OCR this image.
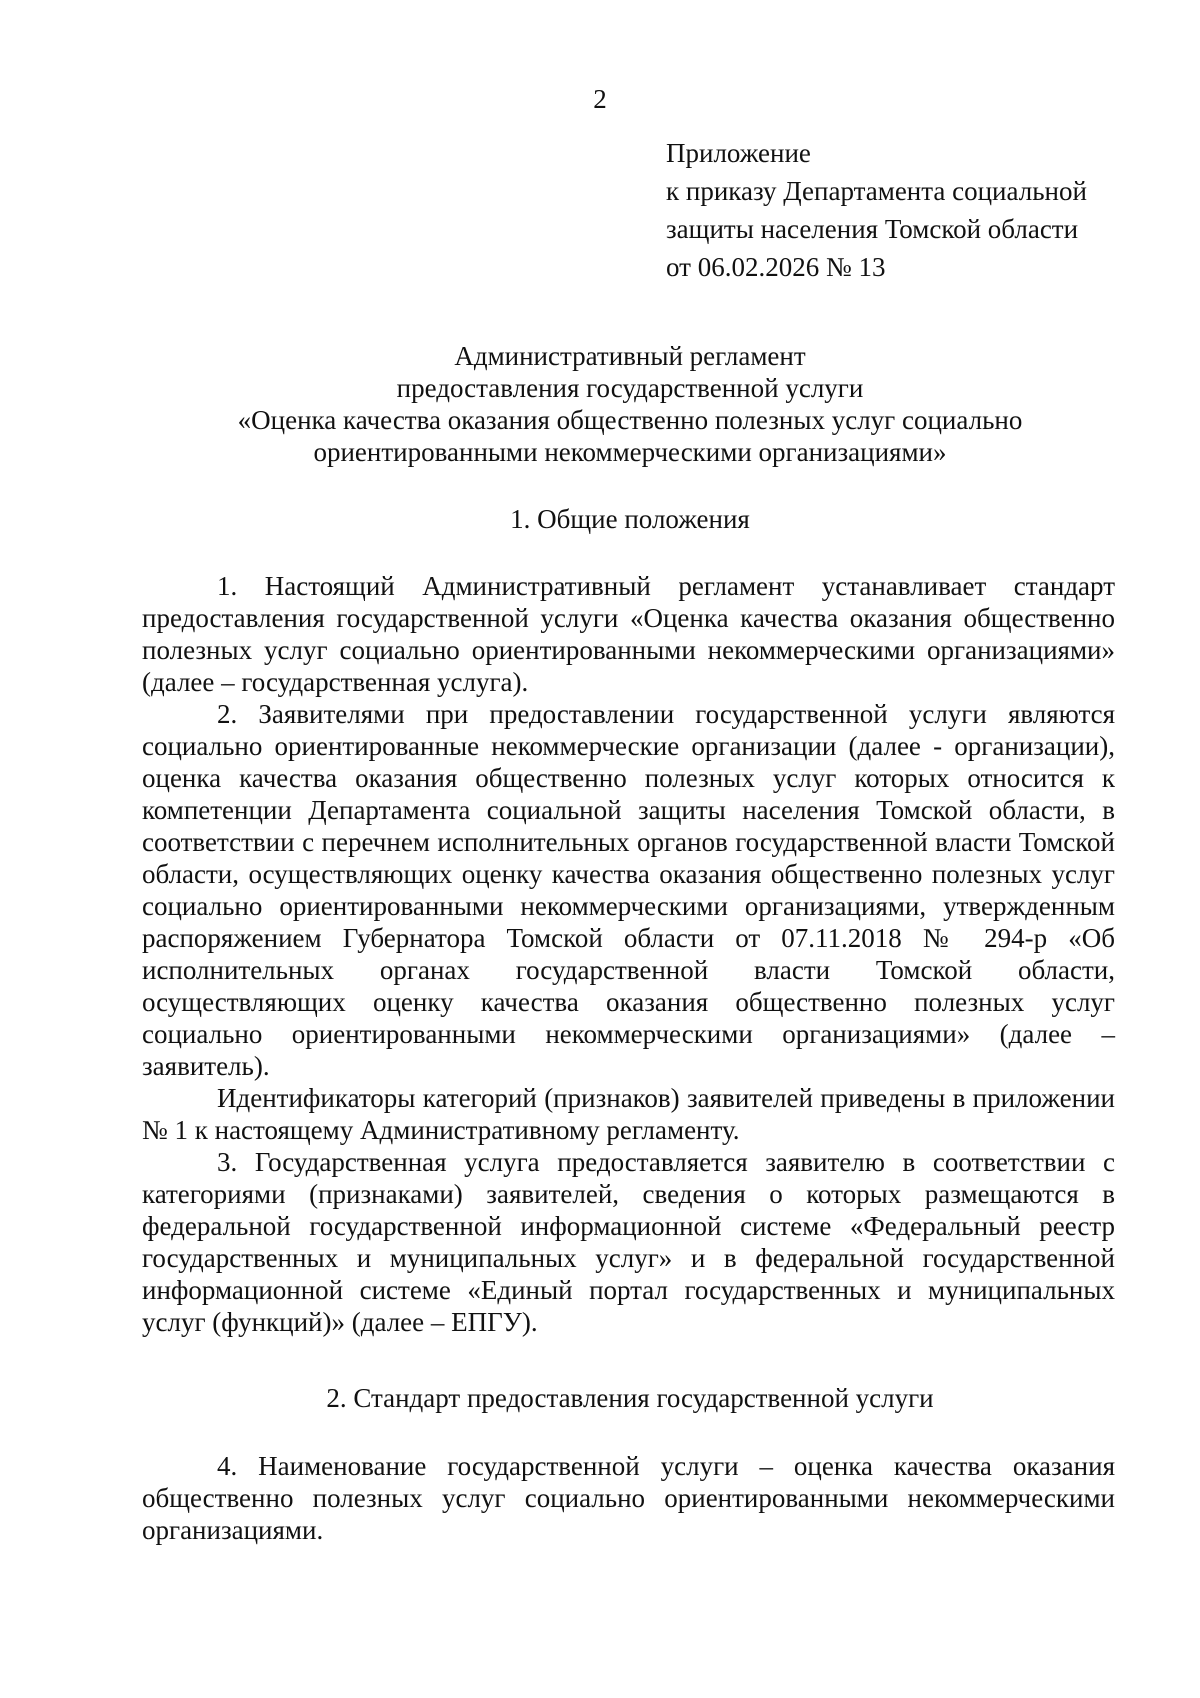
2
Приложение
к приказу Департамента социальной
защиты населения Томской области
от 06.02.2026 № 13
Административный регламент
предоставления государственной услуги
«Оценка качества оказания общественно полезных услуг социально
ориентированными некоммерческими организациями»
1. Общие положения

1. Настоящий Административный регламент устанавливает стандарт предоставления государственной услуги «Оценка качества оказания общественно полезных услуг социально ориентированными некоммерческими организациями» (далее – государственная услуга).

2. Заявителями при предоставлении государственной услуги являются социально ориентированные некоммерческие организации (далее - организации), оценка качества оказания общественно полезных услуг которых относится к компетенции Департамента социальной защиты населения Томской области, в соответствии с перечнем исполнительных органов государственной власти Томской области, осуществляющих оценку качества оказания общественно полезных услуг социально ориентированными некоммерческими организациями, утвержденным распоряжением Губернатора Томской области от 07.11.2018 № 294-р «Об исполнительных органах государственной власти Томской области, осуществляющих оценку качества оказания общественно полезных услуг социально ориентированными некоммерческими организациями» (далее – заявитель).

Идентификаторы категорий (признаков) заявителей приведены в приложении № 1 к настоящему Административному регламенту.

3. Государственная услуга предоставляется заявителю в соответствии с категориями (признаками) заявителей, сведения о которых размещаются в федеральной государственной информационной системе «Федеральный реестр государственных и муниципальных услуг» и в федеральной государственной информационной системе «Единый портал государственных и муниципальных услуг (функций)» (далее – ЕПГУ).

2. Стандарт предоставления государственной услуги

4. Наименование государственной услуги – оценка качества оказания общественно полезных услуг социально ориентированными некоммерческими организациями.
